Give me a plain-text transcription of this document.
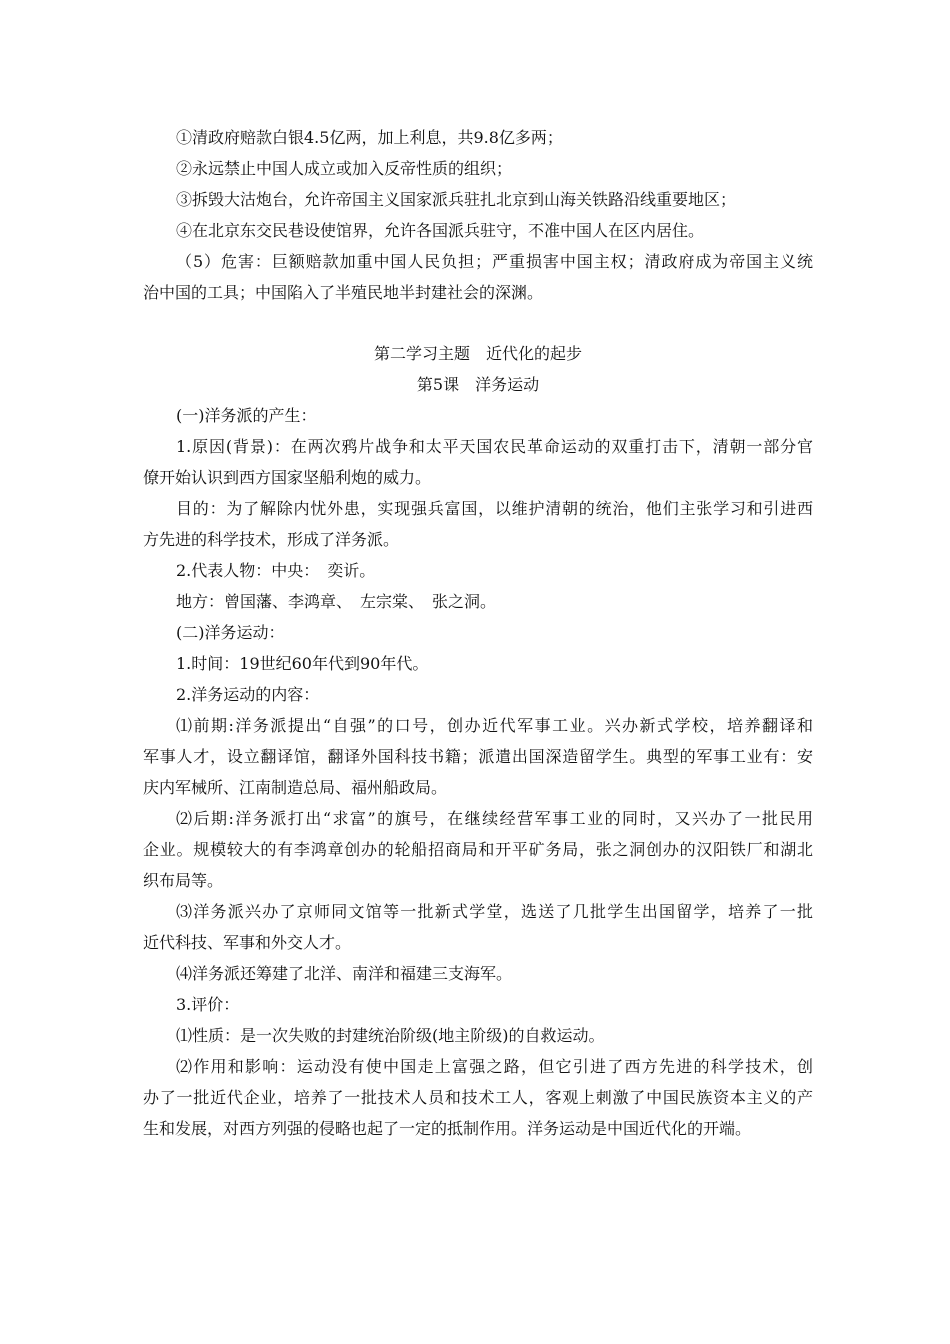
①清政府赔款白银4.5亿两，加上利息，共9.8亿多两；
②永远禁止中国人成立或加入反帝性质的组织；
③拆毁大沽炮台，允许帝国主义国家派兵驻扎北京到山海关铁路沿线重要地区；
④在北京东交民巷设使馆界，允许各国派兵驻守，不准中国人在区内居住。
（5）危害：巨额赔款加重中国人民负担；严重损害中国主权；清政府成为帝国主义统
治中国的工具；中国陷入了半殖民地半封建社会的深渊。
第二学习主题　近代化的起步
第5课　洋务运动
(一)洋务派的产生：
1.原因(背景)：在两次鸦片战争和太平天国农民革命运动的双重打击下，清朝一部分官
僚开始认识到西方国家坚船利炮的威力。
目的：为了解除内忧外患，实现强兵富国，以维护清朝的统治，他们主张学习和引进西
方先进的科学技术，形成了洋务派。
2.代表人物：中央：　奕䜣。
地方：曾国藩、李鸿章、　左宗棠、　张之洞。
(二)洋务运动：
1.时间：19世纪60年代到90年代。
2.洋务运动的内容：
⑴前期:洋务派提出“自强”的口号，创办近代军事工业。兴办新式学校，培养翻译和
军事人才，设立翻译馆，翻译外国科技书籍；派遣出国深造留学生。典型的军事工业有：安
庆内军械所、江南制造总局、福州船政局。
⑵后期:洋务派打出“求富”的旗号，在继续经营军事工业的同时，又兴办了一批民用
企业。规模较大的有李鸿章创办的轮船招商局和开平矿务局，张之洞创办的汉阳铁厂和湖北
织布局等。
⑶洋务派兴办了京师同文馆等一批新式学堂，选送了几批学生出国留学，培养了一批
近代科技、军事和外交人才。
⑷洋务派还筹建了北洋、南洋和福建三支海军。
3.评价：
⑴性质：是一次失败的封建统治阶级(地主阶级)的自救运动。
⑵作用和影响：运动没有使中国走上富强之路，但它引进了西方先进的科学技术，创
办了一批近代企业，培养了一批技术人员和技术工人，客观上刺激了中国民族资本主义的产
生和发展，对西方列强的侵略也起了一定的抵制作用。洋务运动是中国近代化的开端。
